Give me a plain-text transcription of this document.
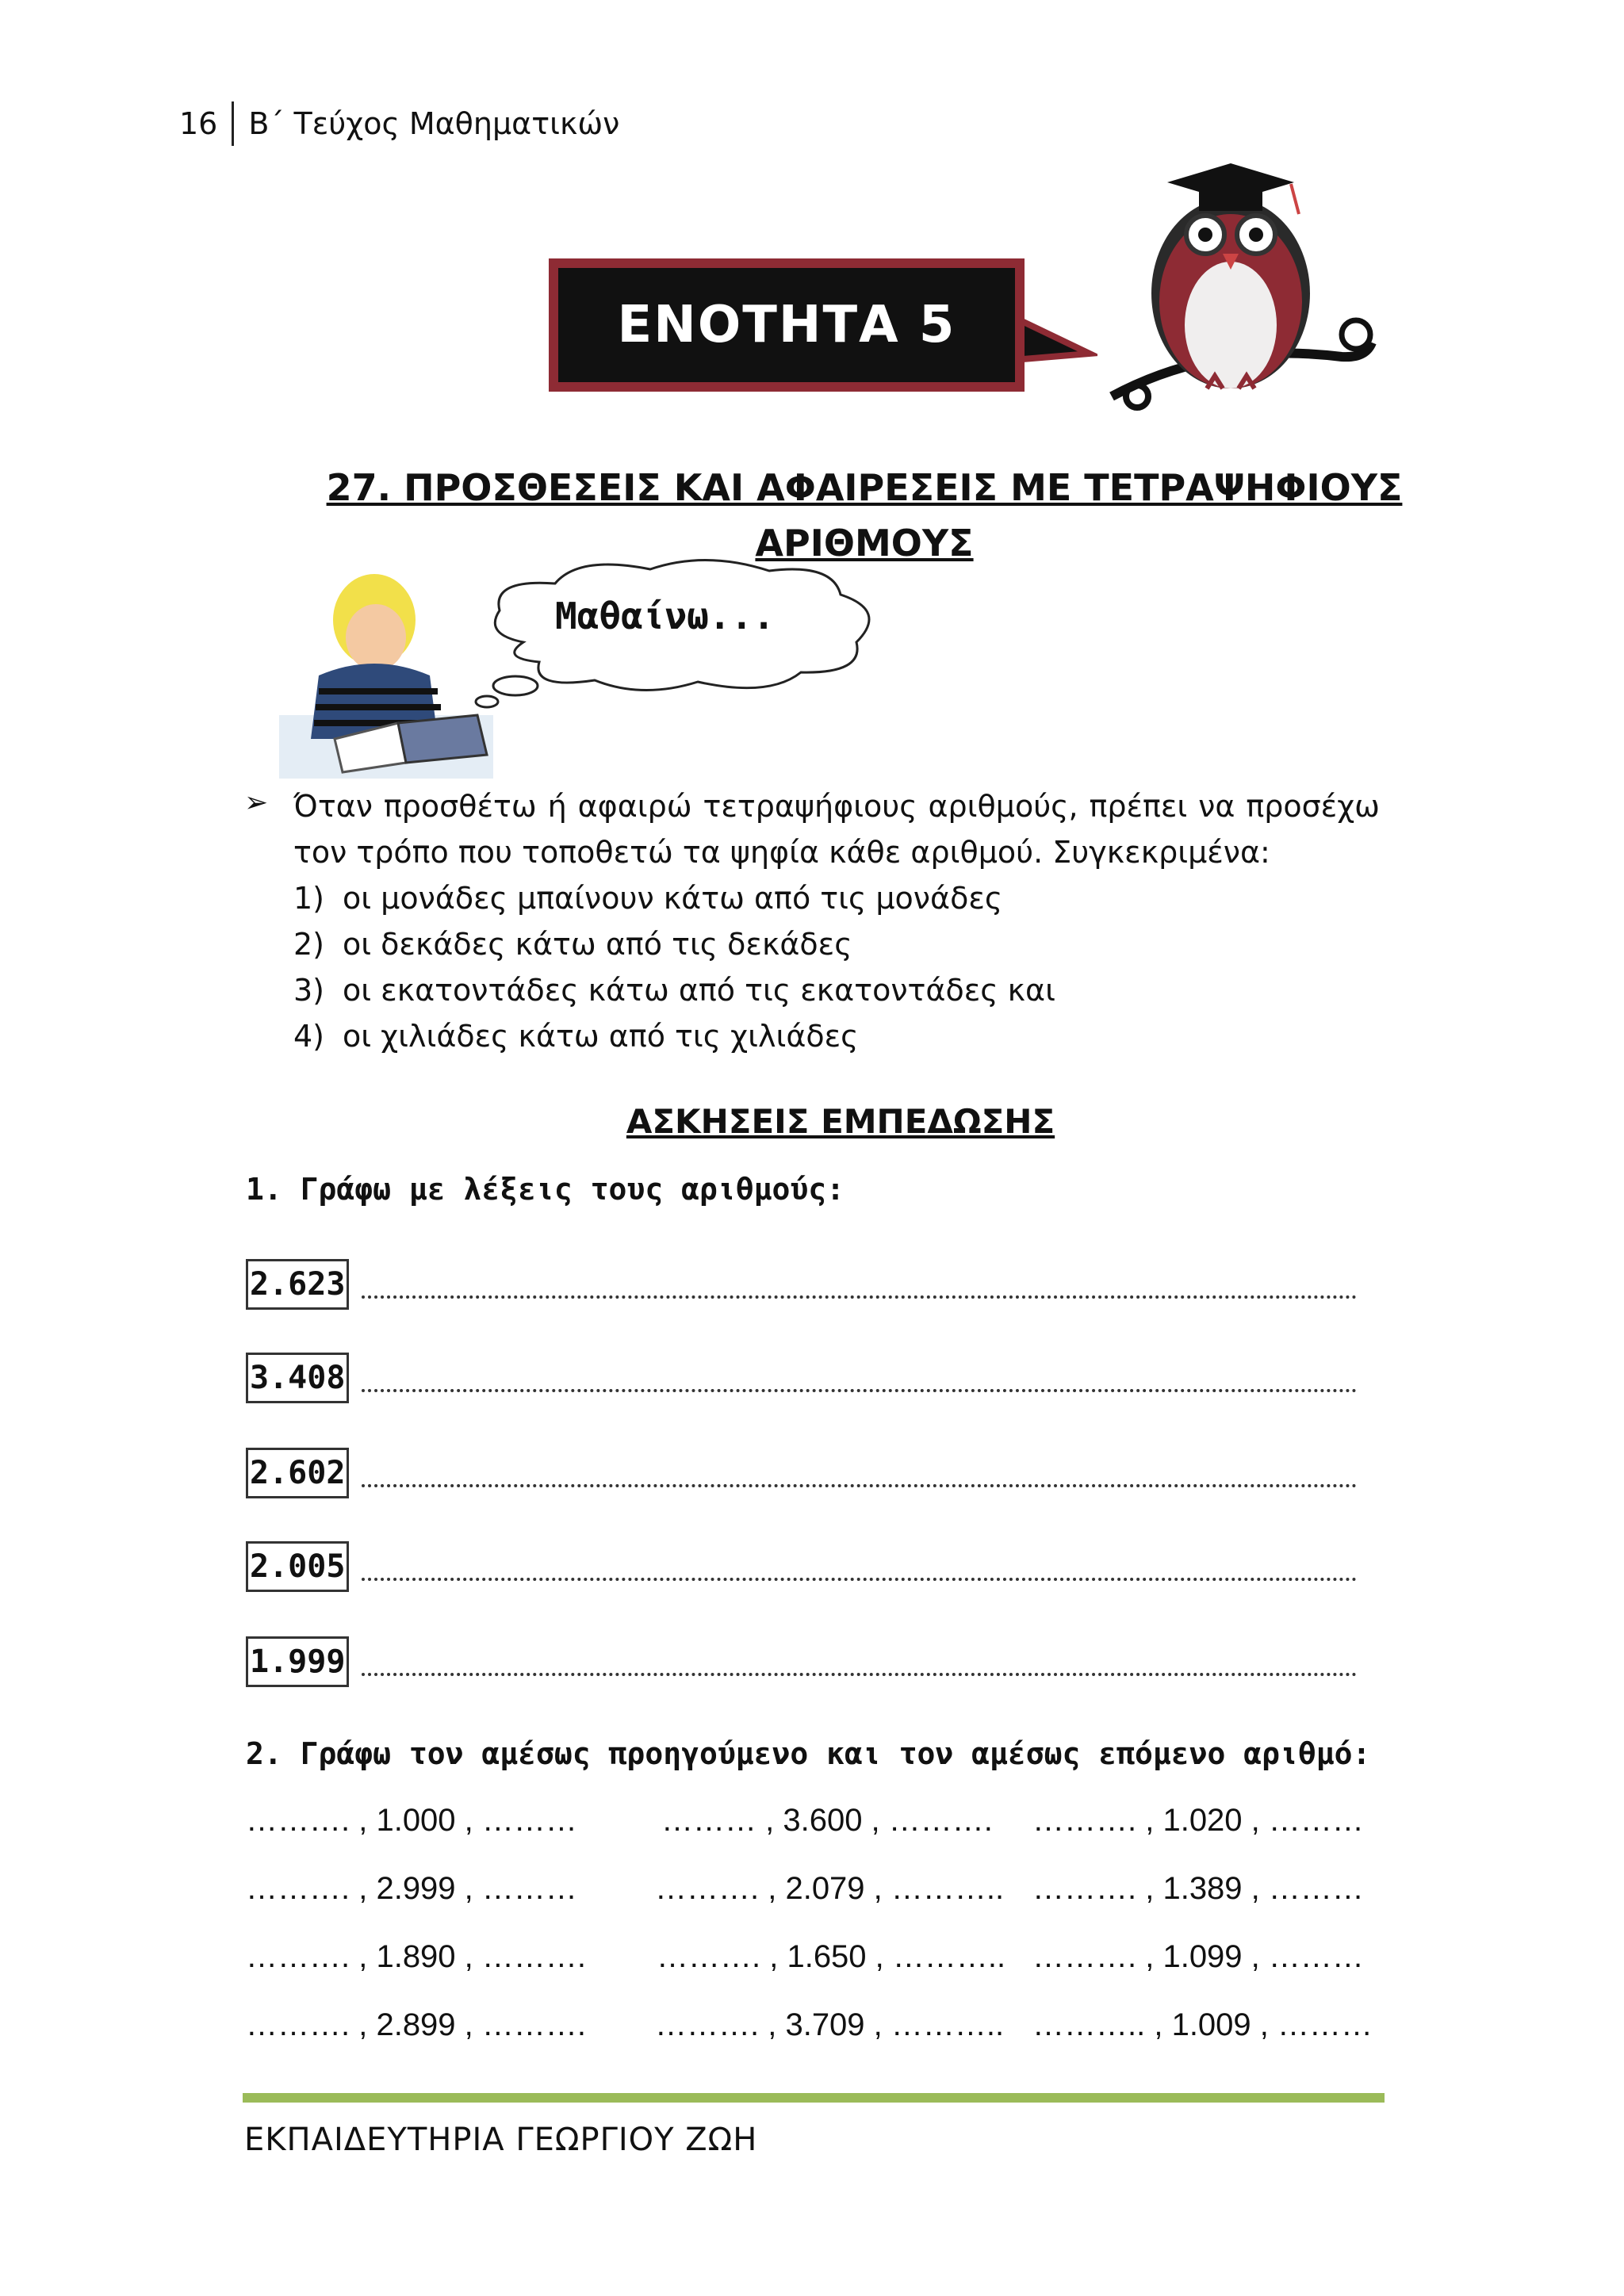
16	Β΄ Τεύχος Μαθηματικών
ΕΝΟΤΗΤΑ 5
27. ΠΡΟΣΘΕΣΕΙΣ ΚΑΙ ΑΦΑΙΡΕΣΕΙΣ ΜΕ ΤΕΤΡΑΨΗΦΙΟΥΣ
ΑΡΙΘΜΟΥΣ
Μαθαίνω...
➢ Όταν προσθέτω ή αφαιρώ τετραψήφιους αριθμούς, πρέπει να προσέχω τον τρόπο που τοποθετώ τα ψηφία κάθε αριθμού. Συγκεκριμένα:
1) οι μονάδες μπαίνουν κάτω από τις μονάδες
2) οι δεκάδες κάτω από τις δεκάδες
3) οι εκατοντάδες κάτω από τις εκατοντάδες και
4) οι χιλιάδες κάτω από τις χιλιάδες
ΑΣΚΗΣΕΙΣ ΕΜΠΕΔΩΣΗΣ
1. Γράφω με λέξεις τους αριθμούς:
2.623
3.408
2.602
2.005
1.999
2. Γράφω τον αμέσως προηγούμενο και τον αμέσως επόμενο αριθμό:
………. , 1.000 , ………	……… , 3.600 , ………. ………. , 1.020 , ………
………. , 2.999 , ……… ………. , 2.079 , ……….. ………. , 1.389 , ………
………. , 1.890 , ………. ………. , 1.650 , ……….. ………. , 1.099 , ………
………. , 2.899 , ………. ………. , 3.709 , ……….. ……….. , 1.009 , ………
ΕΚΠΑΙΔΕΥΤΗΡΙΑ ΓΕΩΡΓΙΟΥ ΖΩΗ
